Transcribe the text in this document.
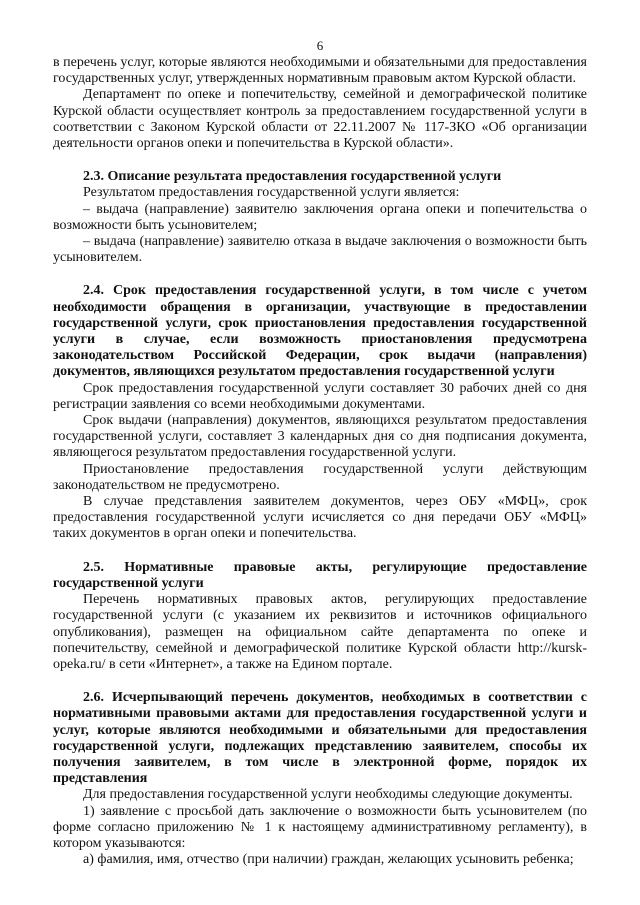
6

в перечень услуг, которые являются необходимыми и обязательными для предоставления государственных услуг, утвержденных нормативным правовым актом Курской области.

Департамент по опеке и попечительству, семейной и демографической политике Курской области осуществляет контроль за предоставлением государственной услуги в соответствии с Законом Курской области от 22.11.2007 № 117-ЗКО «Об организации деятельности органов опеки и попечительства в Курской области».

2.3. Описание результата предоставления государственной услуги

Результатом предоставления государственной услуги является:

– выдача (направление) заявителю заключения органа опеки и попечительства о возможности быть усыновителем;

– выдача (направление) заявителю отказа в выдаче заключения о возможности быть усыновителем.

2.4. Срок предоставления государственной услуги, в том числе с учетом необходимости обращения в организации, участвующие в предоставлении государственной услуги, срок приостановления предоставления государственной услуги в случае, если возможность приостановления предусмотрена законодательством Российской Федерации, срок выдачи (направления) документов, являющихся результатом предоставления государственной услуги

Срок предоставления государственной услуги составляет 30 рабочих дней со дня регистрации заявления со всеми необходимыми документами.

Срок выдачи (направления) документов, являющихся результатом предоставления государственной услуги, составляет 3 календарных дня со дня подписания документа, являющегося результатом предоставления государственной услуги.

Приостановление предоставления государственной услуги действующим законодательством не предусмотрено.

В случае представления заявителем документов, через ОБУ «МФЦ», срок предоставления государственной услуги исчисляется со дня передачи ОБУ «МФЦ» таких документов в орган опеки и попечительства.

2.5. Нормативные правовые акты, регулирующие предоставление государственной услуги

Перечень нормативных правовых актов, регулирующих предоставление государственной услуги (с указанием их реквизитов и источников официального опубликования), размещен на официальном сайте департамента по опеке и попечительству, семейной и демографической политике Курской области http://kursk-opeka.ru/ в сети «Интернет», а также на Едином портале.

2.6. Исчерпывающий перечень документов, необходимых в соответствии с нормативными правовыми актами для предоставления государственной услуги и услуг, которые являются необходимыми и обязательными для предоставления государственной услуги, подлежащих представлению заявителем, способы их получения заявителем, в том числе в электронной форме, порядок их представления

Для предоставления государственной услуги необходимы следующие документы.

1) заявление с просьбой дать заключение о возможности быть усыновителем (по форме согласно приложению № 1 к настоящему административному регламенту), в котором указываются:

а) фамилия, имя, отчество (при наличии) граждан, желающих усыновить ребенка;
